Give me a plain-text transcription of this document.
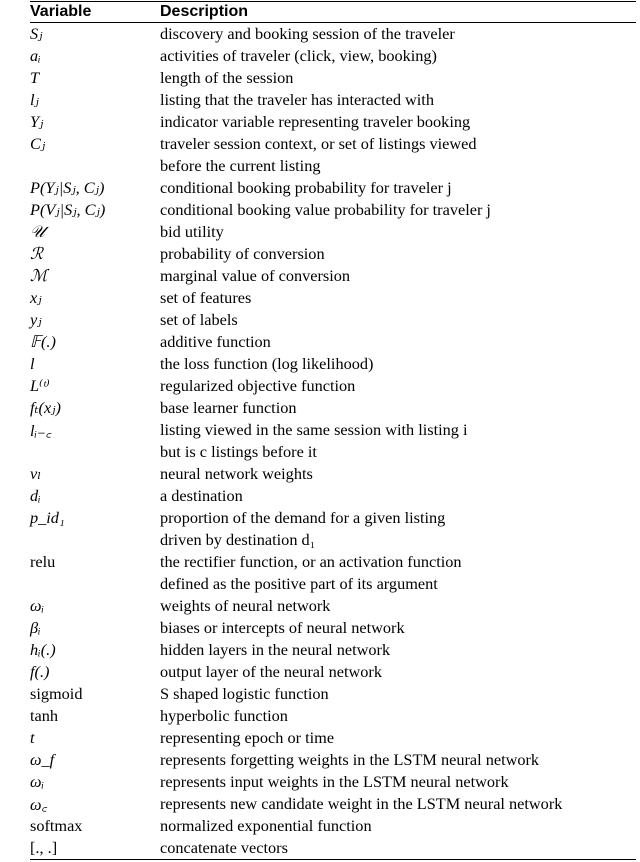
Variable	Description
Sⱼ	discovery and booking session of the traveler
aᵢ	activities of traveler (click, view, booking)
T	length of the session
lⱼ	listing that the traveler has interacted with
Yⱼ	indicator variable representing traveler booking
Cⱼ	traveler session context, or set of listings viewed
	before the current listing
P(Yⱼ|Sⱼ, Cⱼ)	conditional booking probability for traveler j
P(Vⱼ|Sⱼ, Cⱼ)	conditional booking value probability for traveler j
𝒰	bid utility
ℛ	probability of conversion
ℳ	marginal value of conversion
xⱼ	set of features
yⱼ	set of labels
𝔽(.)	additive function
l	the loss function (log likelihood)
L⁽ᵗ⁾	regularized objective function
fₜ(xⱼ)	base learner function
lᵢ₋꜀	listing viewed in the same session with listing i
	but is c listings before it
νₗ	neural network weights
dᵢ	a destination
p_id₁	proportion of the demand for a given listing
	driven by destination d₁
relu	the rectifier function, or an activation function
	defined as the positive part of its argument
ωᵢ	weights of neural network
βᵢ	biases or intercepts of neural network
hᵢ(.)	hidden layers in the neural network
f(.)	output layer of the neural network
sigmoid	S shaped logistic function
tanh	hyperbolic function
t	representing epoch or time
ω_f	represents forgetting weights in the LSTM neural network
ωᵢ	represents input weights in the LSTM neural network
ω꜀	represents new candidate weight in the LSTM neural network
softmax	normalized exponential function
[., .]	concatenate vectors
